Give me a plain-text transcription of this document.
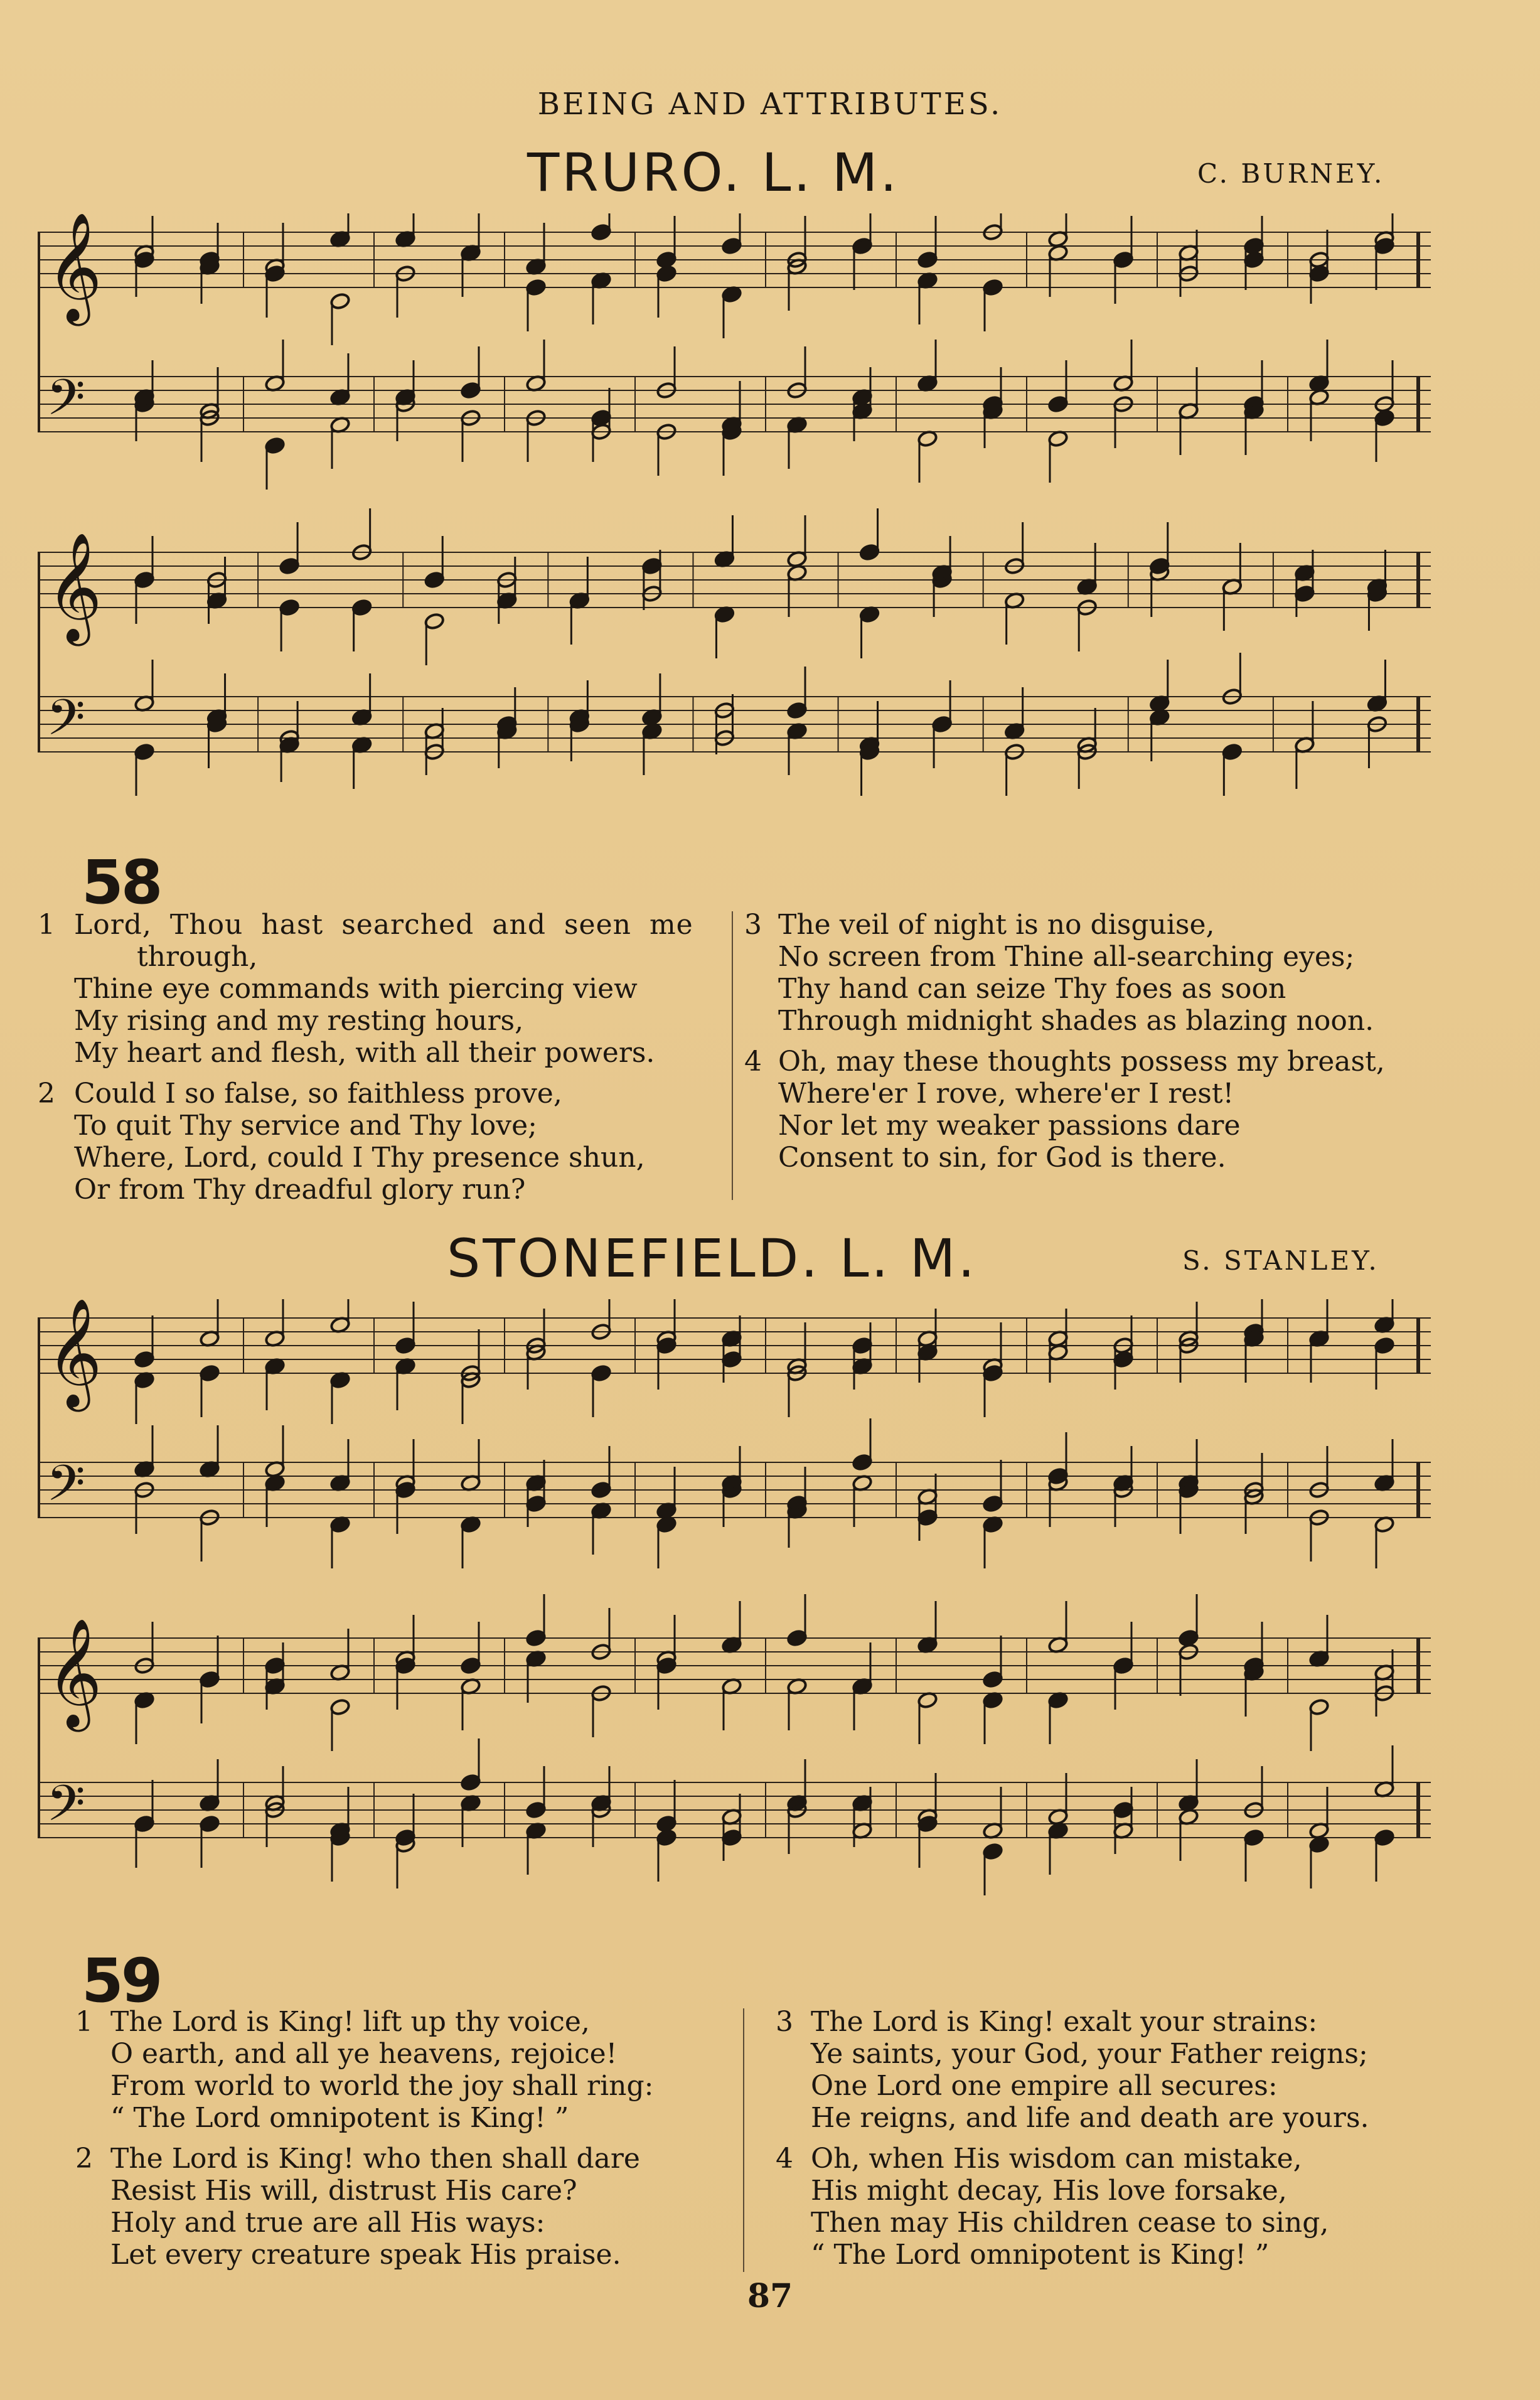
BEING AND ATTRIBUTES.
TRURO. L. M.	C. BURNEY.
𝄞
𝄢
𝄞
𝄢
58
1 Lord, Thou hast searched and seen me
through,
Thine eye commands with piercing view
My rising and my resting hours,
My heart and flesh, with all their powers.
2 Could I so false, so faithless prove,
To quit Thy service and Thy love;
Where, Lord, could I Thy presence shun,
Or from Thy dreadful glory run?
3 The veil of night is no disguise,
No screen from Thine all-searching eyes;
Thy hand can seize Thy foes as soon
Through midnight shades as blazing noon.
4 Oh, may these thoughts possess my breast,
Where'er I rove, where'er I rest!
Nor let my weaker passions dare
Consent to sin, for God is there.
STONEFIELD. L. M.	S. STANLEY.
𝄞
𝄢
𝄞
𝄢
59
1 The Lord is King! lift up thy voice,
O earth, and all ye heavens, rejoice!
From world to world the joy shall ring:
“ The Lord omnipotent is King! ”
2 The Lord is King! who then shall dare
Resist His will, distrust His care?
Holy and true are all His ways:
Let every creature speak His praise.
3 The Lord is King! exalt your strains:
Ye saints, your God, your Father reigns;
One Lord one empire all secures:
He reigns, and life and death are yours.
4 Oh, when His wisdom can mistake,
His might decay, His love forsake,
Then may His children cease to sing,
“ The Lord omnipotent is King! ”
87
